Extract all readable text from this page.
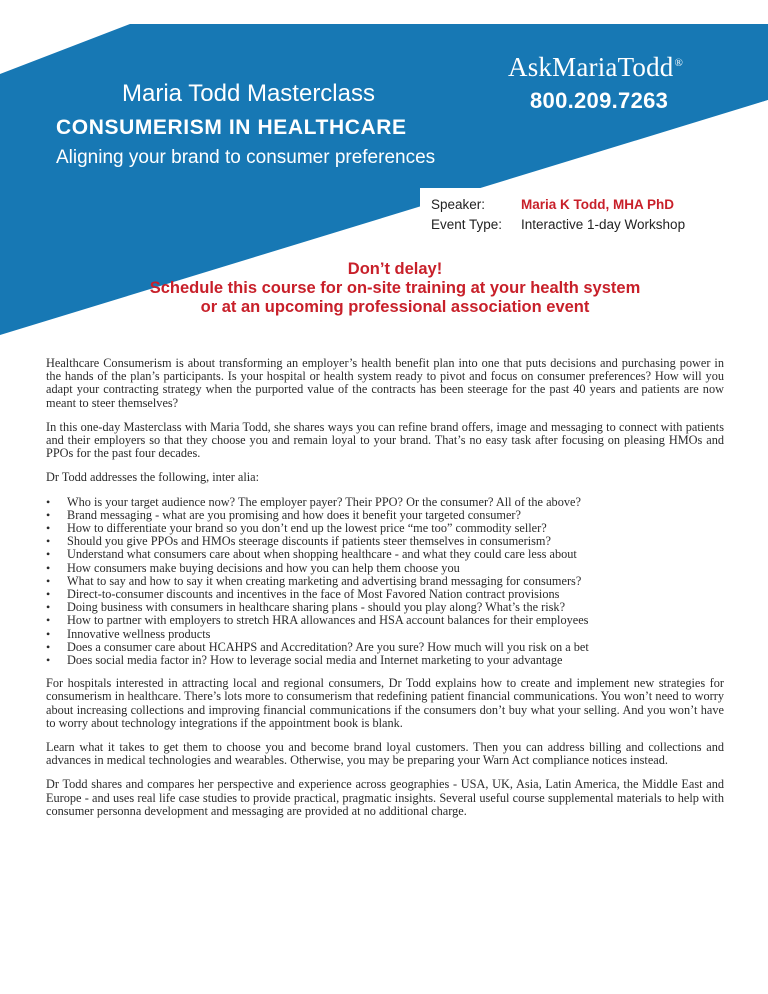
AskMariaTodd®
800.209.7263
Maria Todd Masterclass
CONSUMERISM IN HEALTHCARE
Aligning your brand to consumer preferences
Speaker:	Maria K Todd, MHA PhD
Event Type:	Interactive 1-day Workshop
Don’t delay!
Schedule this course for on-site training at your health system
or at an upcoming professional association event

Healthcare Consumerism is about transforming an employer’s health benefit plan into one that puts decisions and purchasing power in the hands of the plan’s participants. Is your hospital or health system ready to pivot and focus on consumer preferences? How will you adapt your contracting strategy when the purported value of the contracts has been steerage for the past 40 years and patients are now meant to steer themselves?

In this one-day Masterclass with Maria Todd, she shares ways you can refine brand offers, image and messaging to connect with patients and their employers so that they choose you and remain loyal to your brand. That’s no easy task after focusing on pleasing HMOs and PPOs for the past four decades.

Dr Todd addresses the following, inter alia:

• Who is your target audience now? The employer payer? Their PPO? Or the consumer? All of the above?
• Brand messaging - what are you promising and how does it benefit your targeted consumer?
• How to differentiate your brand so you don’t end up the lowest price “me too” commodity seller?
• Should you give PPOs and HMOs steerage discounts if patients steer themselves in consumerism?
• Understand what consumers care about when shopping healthcare - and what they could care less about
• How consumers make buying decisions and how you can help them choose you
• What to say and how to say it when creating marketing and advertising brand messaging for consumers?
• Direct-to-consumer discounts and incentives in the face of Most Favored Nation contract provisions
• Doing business with consumers in healthcare sharing plans - should you play along? What’s the risk?
• How to partner with employers to stretch HRA allowances and HSA account balances for their employees
• Innovative wellness products
• Does a consumer care about HCAHPS and Accreditation? Are you sure? How much will you risk on a bet
• Does social media factor in? How to leverage social media and Internet marketing to your advantage

For hospitals interested in attracting local and regional consumers, Dr Todd explains how to create and implement new strategies for consumerism in healthcare. There’s lots more to consumerism that redefining patient financial communications. You won’t need to worry about increasing collections and improving financial communications if the consumers don’t buy what your selling. And you won’t have to worry about technology integrations if the appointment book is blank.

Learn what it takes to get them to choose you and become brand loyal customers. Then you can address billing and collections and advances in medical technologies and wearables. Otherwise, you may be preparing your Warn Act compliance notices instead.

Dr Todd shares and compares her perspective and experience across geographies - USA, UK, Asia, Latin America, the Middle East and Europe - and uses real life case studies to provide practical, pragmatic insights. Several useful course supplemental materials to help with consumer personna development and messaging are provided at no additional charge.
